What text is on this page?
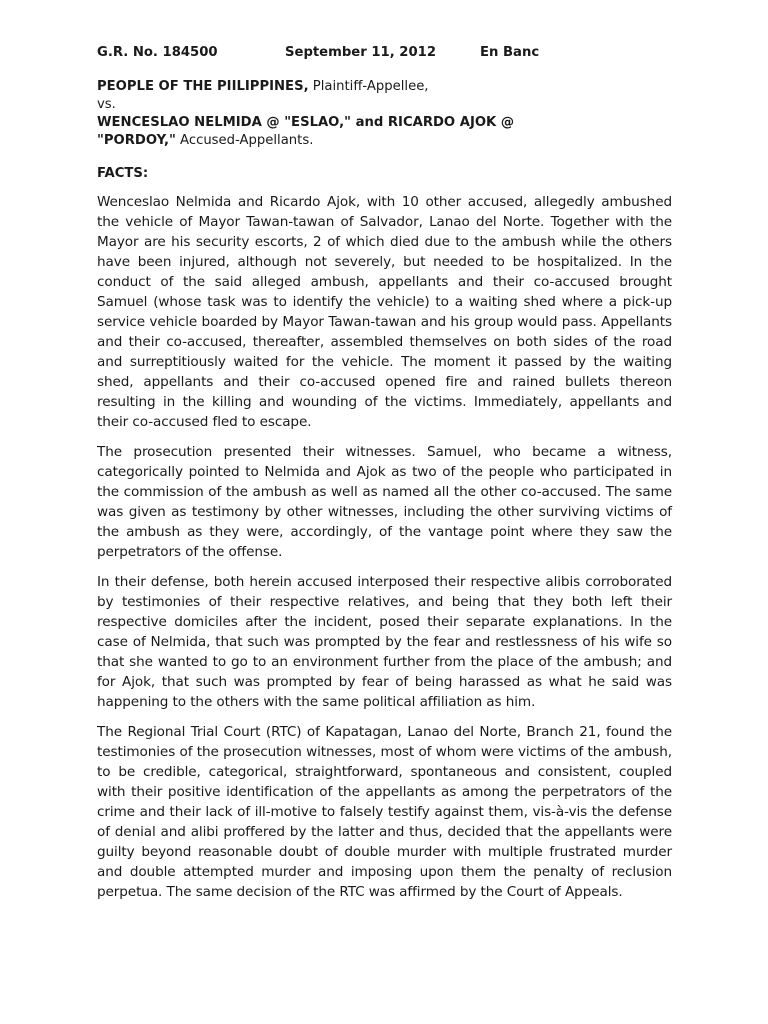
G.R. No. 184500	September 11, 2012	En Banc
PEOPLE OF THE PIILIPPINES, Plaintiff-Appellee,
vs.
WENCESLAO NELMIDA @ "ESLAO," and RICARDO AJOK @
"PORDOY," Accused-Appellants.
FACTS:

Wenceslao Nelmida and Ricardo Ajok, with 10 other accused, allegedly ambushed the vehicle of Mayor Tawan-tawan of Salvador, Lanao del Norte. Together with the Mayor are his security escorts, 2 of which died due to the ambush while the others have been injured, although not severely, but needed to be hospitalized. In the conduct of the said alleged ambush, appellants and their co-accused brought Samuel (whose task was to identify the vehicle) to a waiting shed where a pick-up service vehicle boarded by Mayor Tawan-tawan and his group would pass. Appellants and their co-accused, thereafter, assembled themselves on both sides of the road and surreptitiously waited for the vehicle. The moment it passed by the waiting shed, appellants and their co-accused opened fire and rained bullets thereon resulting in the killing and wounding of the victims. Immediately, appellants and their co-accused fled to escape.

The prosecution presented their witnesses. Samuel, who became a witness, categorically pointed to Nelmida and Ajok as two of the people who participated in the commission of the ambush as well as named all the other co-accused. The same was given as testimony by other witnesses, including the other surviving victims of the ambush as they were, accordingly, of the vantage point where they saw the perpetrators of the offense.

In their defense, both herein accused interposed their respective alibis corroborated by testimonies of their respective relatives, and being that they both left their respective domiciles after the incident, posed their separate explanations. In the case of Nelmida, that such was prompted by the fear and restlessness of his wife so that she wanted to go to an environment further from the place of the ambush; and for Ajok, that such was prompted by fear of being harassed as what he said was happening to the others with the same political affiliation as him.

The Regional Trial Court (RTC) of Kapatagan, Lanao del Norte, Branch 21, found the testimonies of the prosecution witnesses, most of whom were victims of the ambush, to be credible, categorical, straightforward, spontaneous and consistent, coupled with their positive identification of the appellants as among the perpetrators of the crime and their lack of ill-motive to falsely testify against them, vis-à-vis the defense of denial and alibi proffered by the latter and thus, decided that the appellants were guilty beyond reasonable doubt of double murder with multiple frustrated murder and double attempted murder and imposing upon them the penalty of reclusion perpetua. The same decision of the RTC was affirmed by the Court of Appeals.
